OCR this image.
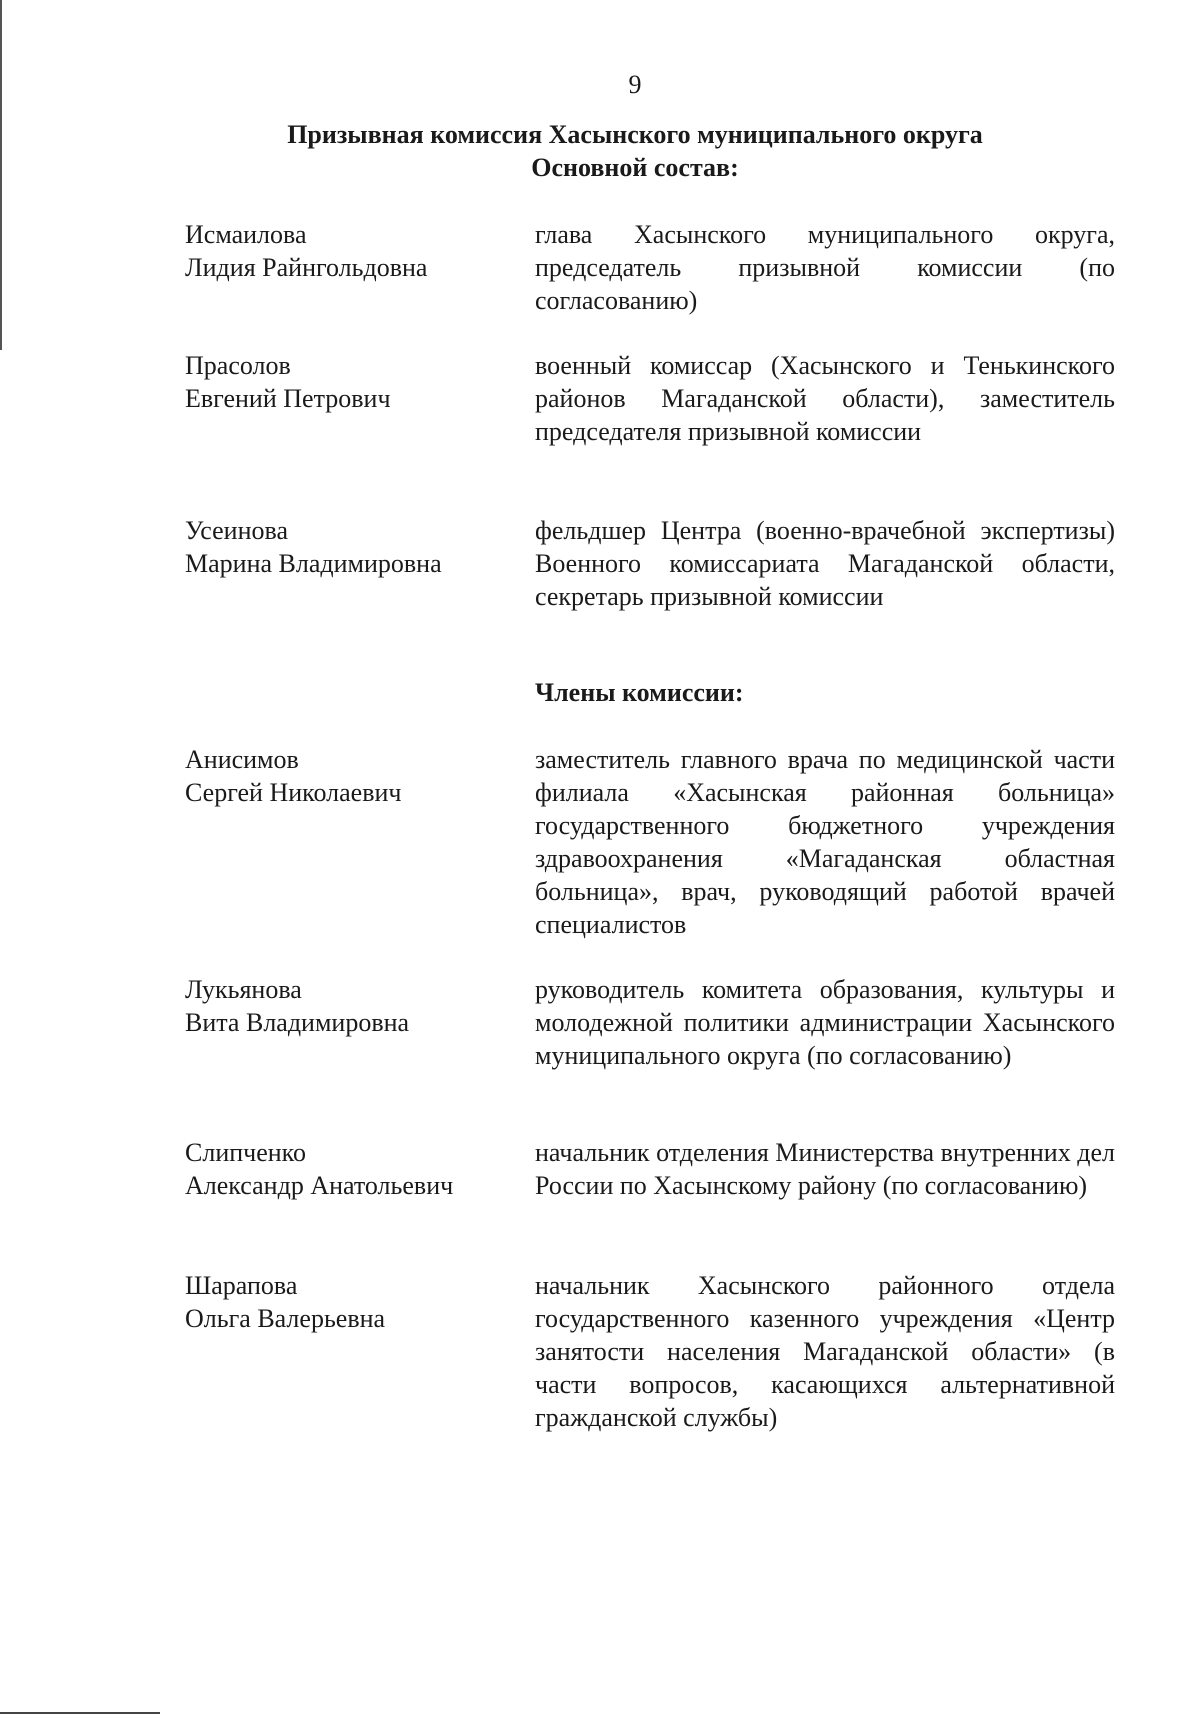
9
Призывная комиссия Хасынского муниципального округа
Основной состав:
Исмаилова
Лидия Райнгольдовна
глава Хасынского муниципального округа, председатель призывной комиссии (по согласованию)
Прасолов
Евгений Петрович
военный комиссар (Хасынского и Тенькинского районов Магаданской области), заместитель председателя призывной комиссии
Усеинова
Марина Владимировна
фельдшер Центра (военно-врачебной экспертизы) Военного комиссариата Магаданской области, секретарь призывной комиссии
Члены комиссии:
Анисимов
Сергей Николаевич
заместитель главного врача по медицинской части филиала «Хасынская районная больница» государственного бюджетного учреждения здравоохранения «Магаданская областная больница», врач, руководящий работой врачей специалистов
Лукьянова
Вита Владимировна
руководитель комитета образования, культуры и молодежной политики администрации Хасынского муниципального округа (по согласованию)
Слипченко
Александр Анатольевич
начальник отделения Министерства внутренних дел России по Хасынскому району (по согласованию)
Шарапова
Ольга Валерьевна
начальник Хасынского районного отдела государственного казенного учреждения «Центр занятости населения Магаданской области» (в части вопросов, касающихся альтернативной гражданской службы)
